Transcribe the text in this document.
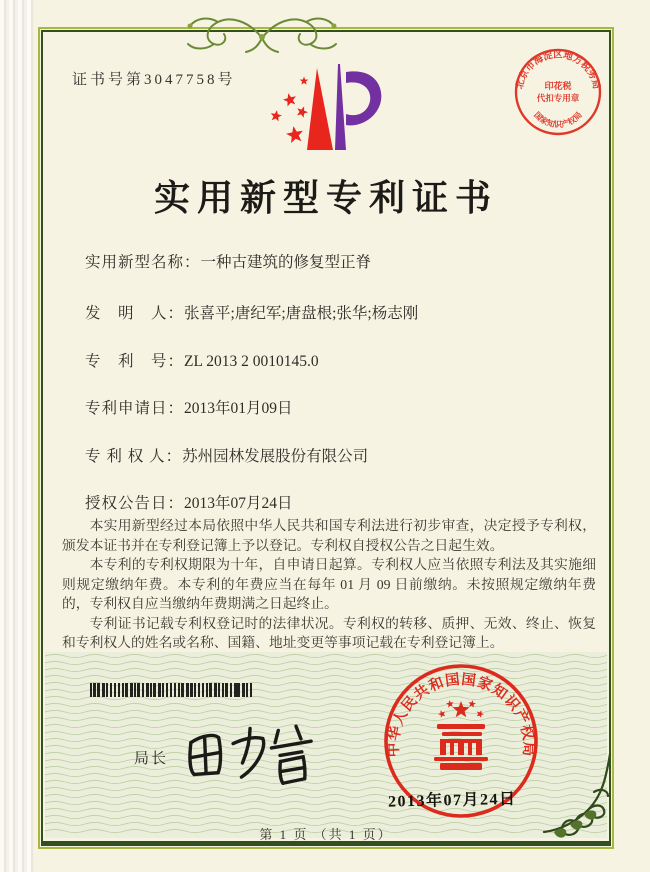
证书号第3047758号	北京市海淀区地方税务局
印花税
代扣专用章
国家知识产权局
实用新型专利证书
实用新型名称：一种古建筑的修复型正脊
发　明　人：张喜平;唐纪军;唐盘根;张华;杨志刚
专　利　号：ZL 2013 2 0010145.0
专利申请日：2013年01月09日
专 利 权 人：苏州园林发展股份有限公司
授权公告日：2013年07月24日

本实用新型经过本局依照中华人民共和国专利法进行初步审查，决定授予专利权，颁发本证书并在专利登记簿上予以登记。专利权自授权公告之日起生效。

本专利的专利权期限为十年，自申请日起算。专利权人应当依照专利法及其实施细则规定缴纳年费。本专利的年费应当在每年 01 月 09 日前缴纳。未按照规定缴纳年费的，专利权自应当缴纳年费期满之日起终止。

专利证书记载专利权登记时的法律状况。专利权的转移、质押、无效、终止、恢复和专利权人的姓名或名称、国籍、地址变更等事项记载在专利登记簿上。

局长
中华人民共和国国家知识产权局
2013年07月24日
第 1 页 （共 1 页）
